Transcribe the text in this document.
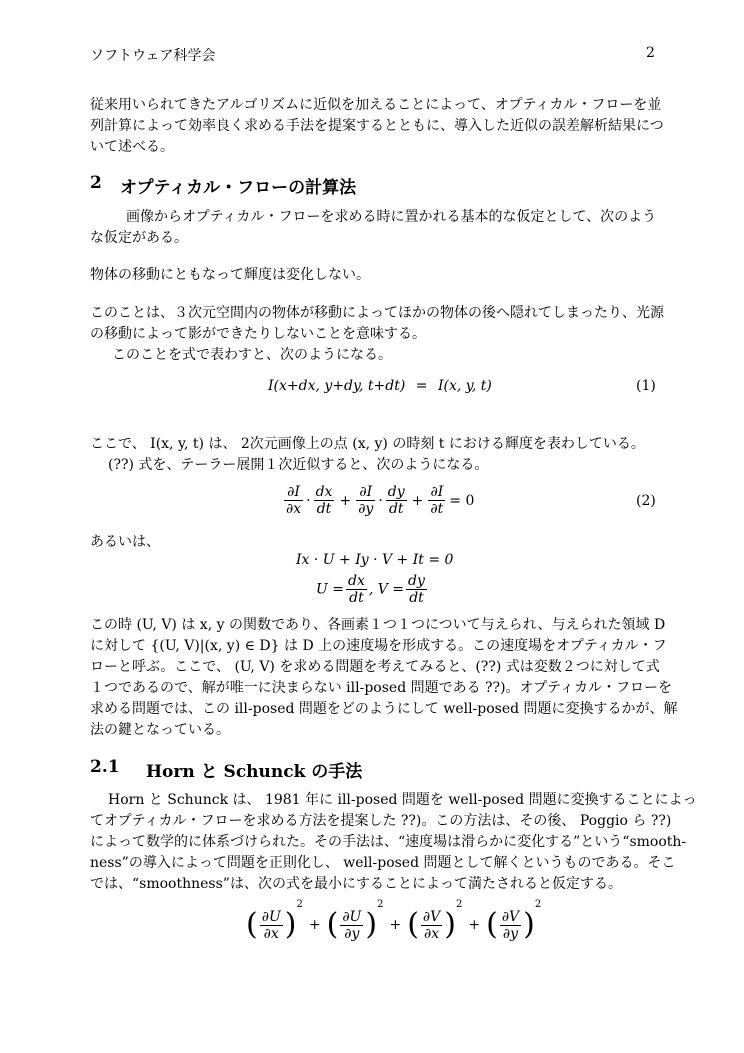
ソフトウェア科学会	2
従来用いられてきたアルゴリズムに近似を加えることによって、オプティカル・フローを並
列計算によって効率良く求める手法を提案するとともに、導入した近似の誤差解析結果につ
いて述べる。
2 オプティカル・フローの計算法
画像からオプティカル・フローを求める時に置かれる基本的な仮定として、次のよう
な仮定がある。
物体の移動にともなって輝度は変化しない。
このことは、３次元空間内の物体が移動によってほかの物体の後へ隠れてしまったり、光源
の移動によって影ができたりしないことを意味する。
このことを式で表わすと、次のようになる。
I(x+dx, y+dy, t+dt) = I(x, y, t)	(1)
ここで、 I(x, y, t) は、 2次元画像上の点 (x, y) の時刻 t における輝度を表わしている。
(??) 式を、テーラー展開１次近似すると、次のようになる。
$\frac{\partial I}{\partial x} \cdot \frac{dx}{dt} + \frac{\partial I}{\partial y} \cdot \frac{dy}{dt} + \frac{\partial I}{\partial t} = 0$	(2)
あるいは、
Ix · U + Iy · V + It = 0
$U = \frac{dx}{dt}$ , $V = \frac{dy}{dt}$
この時 (U, V) は x, y の関数であり、各画素１つ１つについて与えられ、与えられた領域 D
に対して {(U, V)|(x, y) ∈ D} は D 上の速度場を形成する。この速度場をオプティカル・フ
ローと呼ぶ。ここで、 (U, V) を求める問題を考えてみると、(??) 式は変数２つに対して式
１つであるので、解が唯一に決まらない ill-posed 問題である ??)。オプティカル・フローを
求める問題では、この ill-posed 問題をどのようにして well-posed 問題に変換するかが、解
法の鍵となっている。
2.1 Horn と Schunck の手法
Horn と Schunck は、 1981 年に ill-posed 問題を well-posed 問題に変換することによっ
てオプティカル・フローを求める方法を提案した ??)。この方法は、その後、 Poggio ら ??)
によって数学的に体系づけられた。その手法は、“速度場は滑らかに変化する”という“smooth-
ness”の導入によって問題を正則化し、 well-posed 問題として解くというものである。そこ
では、“smoothness”は、次の式を最小にすることによって満たされると仮定する。
( $\frac{\partial U}{\partial x} )^2+$ ( $\frac{\partial U}{\partial y} )^2+$ ( $\frac{\partial V}{\partial x} )^2+$ ( $\frac{\partial V}{\partial y} )^2$
